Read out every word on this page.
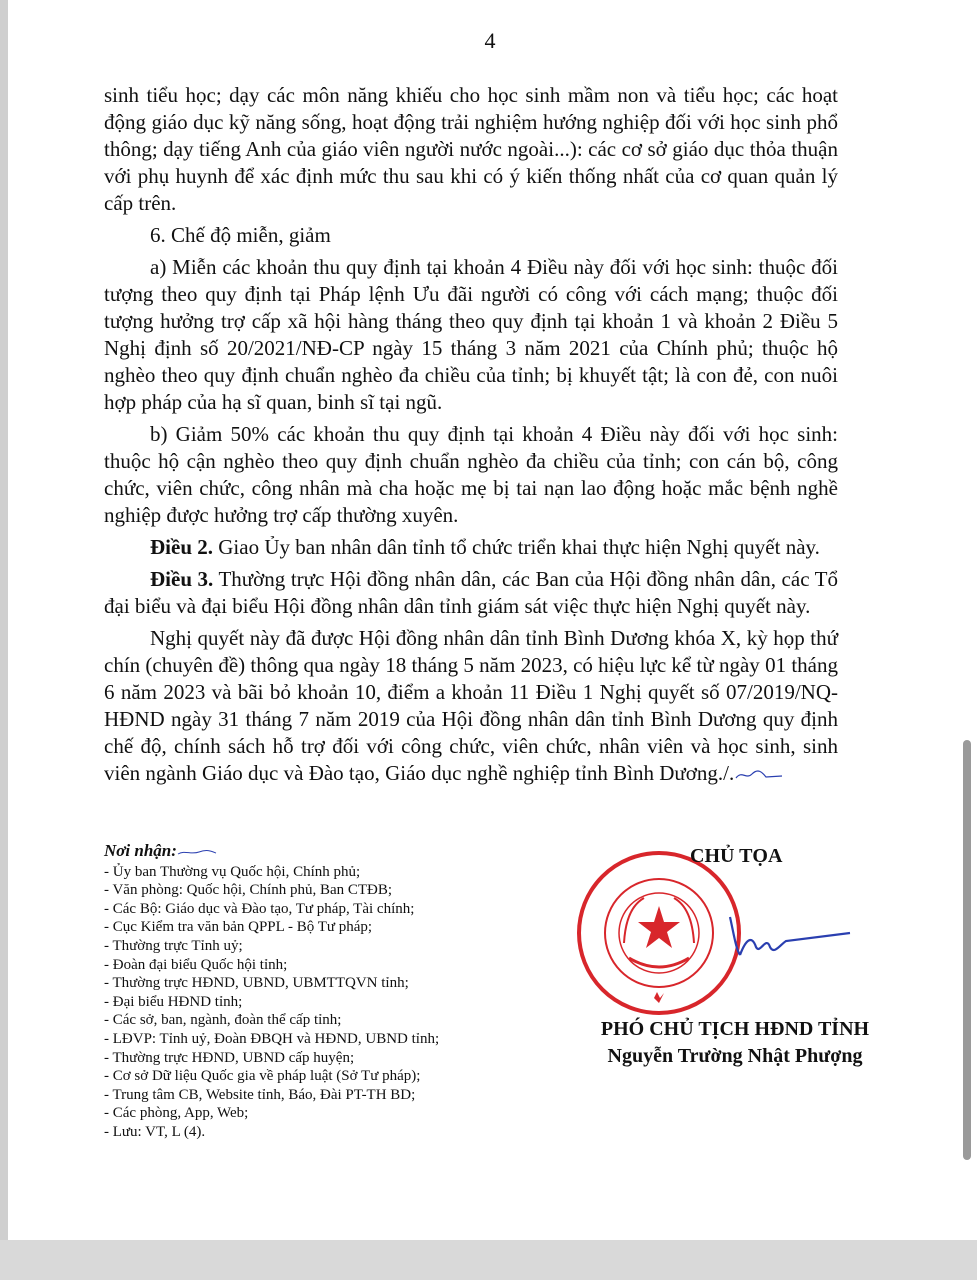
4

sinh tiểu học; dạy các môn năng khiếu cho học sinh mầm non và tiểu học; các hoạt động giáo dục kỹ năng sống, hoạt động trải nghiệm hướng nghiệp đối với học sinh phổ thông; dạy tiếng Anh của giáo viên người nước ngoài...): các cơ sở giáo dục thỏa thuận với phụ huynh để xác định mức thu sau khi có ý kiến thống nhất của cơ quan quản lý cấp trên.

6. Chế độ miễn, giảm

a) Miễn các khoản thu quy định tại khoản 4 Điều này đối với học sinh: thuộc đối tượng theo quy định tại Pháp lệnh Ưu đãi người có công với cách mạng; thuộc đối tượng hưởng trợ cấp xã hội hàng tháng theo quy định tại khoản 1 và khoản 2 Điều 5 Nghị định số 20/2021/NĐ-CP ngày 15 tháng 3 năm 2021 của Chính phủ; thuộc hộ nghèo theo quy định chuẩn nghèo đa chiều của tỉnh; bị khuyết tật; là con đẻ, con nuôi hợp pháp của hạ sĩ quan, binh sĩ tại ngũ.

b) Giảm 50% các khoản thu quy định tại khoản 4 Điều này đối với học sinh: thuộc hộ cận nghèo theo quy định chuẩn nghèo đa chiều của tỉnh; con cán bộ, công chức, viên chức, công nhân mà cha hoặc mẹ bị tai nạn lao động hoặc mắc bệnh nghề nghiệp được hưởng trợ cấp thường xuyên.

Điều 2. Giao Ủy ban nhân dân tỉnh tổ chức triển khai thực hiện Nghị quyết này.

Điều 3. Thường trực Hội đồng nhân dân, các Ban của Hội đồng nhân dân, các Tổ đại biểu và đại biểu Hội đồng nhân dân tỉnh giám sát việc thực hiện Nghị quyết này.

Nghị quyết này đã được Hội đồng nhân dân tỉnh Bình Dương khóa X, kỳ họp thứ chín (chuyên đề) thông qua ngày 18 tháng 5 năm 2023, có hiệu lực kể từ ngày 01 tháng 6 năm 2023 và bãi bỏ khoản 10, điểm a khoản 11 Điều 1 Nghị quyết số 07/2019/NQ-HĐND ngày 31 tháng 7 năm 2019 của Hội đồng nhân dân tỉnh Bình Dương quy định chế độ, chính sách hỗ trợ đối với công chức, viên chức, nhân viên và học sinh, sinh viên ngành Giáo dục và Đào tạo, Giáo dục nghề nghiệp tỉnh Bình Dương./.

Nơi nhận:
- Ủy ban Thường vụ Quốc hội, Chính phủ;
- Văn phòng: Quốc hội, Chính phủ, Ban CTĐB;
- Các Bộ: Giáo dục và Đào tạo, Tư pháp, Tài chính;
- Cục Kiểm tra văn bản QPPL - Bộ Tư pháp;
- Thường trực Tỉnh uỷ;
- Đoàn đại biểu Quốc hội tỉnh;
- Thường trực HĐND, UBND, UBMTTQVN tỉnh;
- Đại biểu HĐND tỉnh;
- Các sở, ban, ngành, đoàn thể cấp tỉnh;
- LĐVP: Tỉnh uỷ, Đoàn ĐBQH và HĐND, UBND tỉnh;
- Thường trực HĐND, UBND cấp huyện;
- Cơ sở Dữ liệu Quốc gia về pháp luật (Sở Tư pháp);
- Trung tâm CB, Website tỉnh, Báo, Đài PT-TH BD;
- Các phòng, App, Web;
- Lưu: VT, L (4).
CHỦ TỌA
PHÓ CHỦ TỊCH HĐND TỈNH
Nguyễn Trường Nhật Phượng
